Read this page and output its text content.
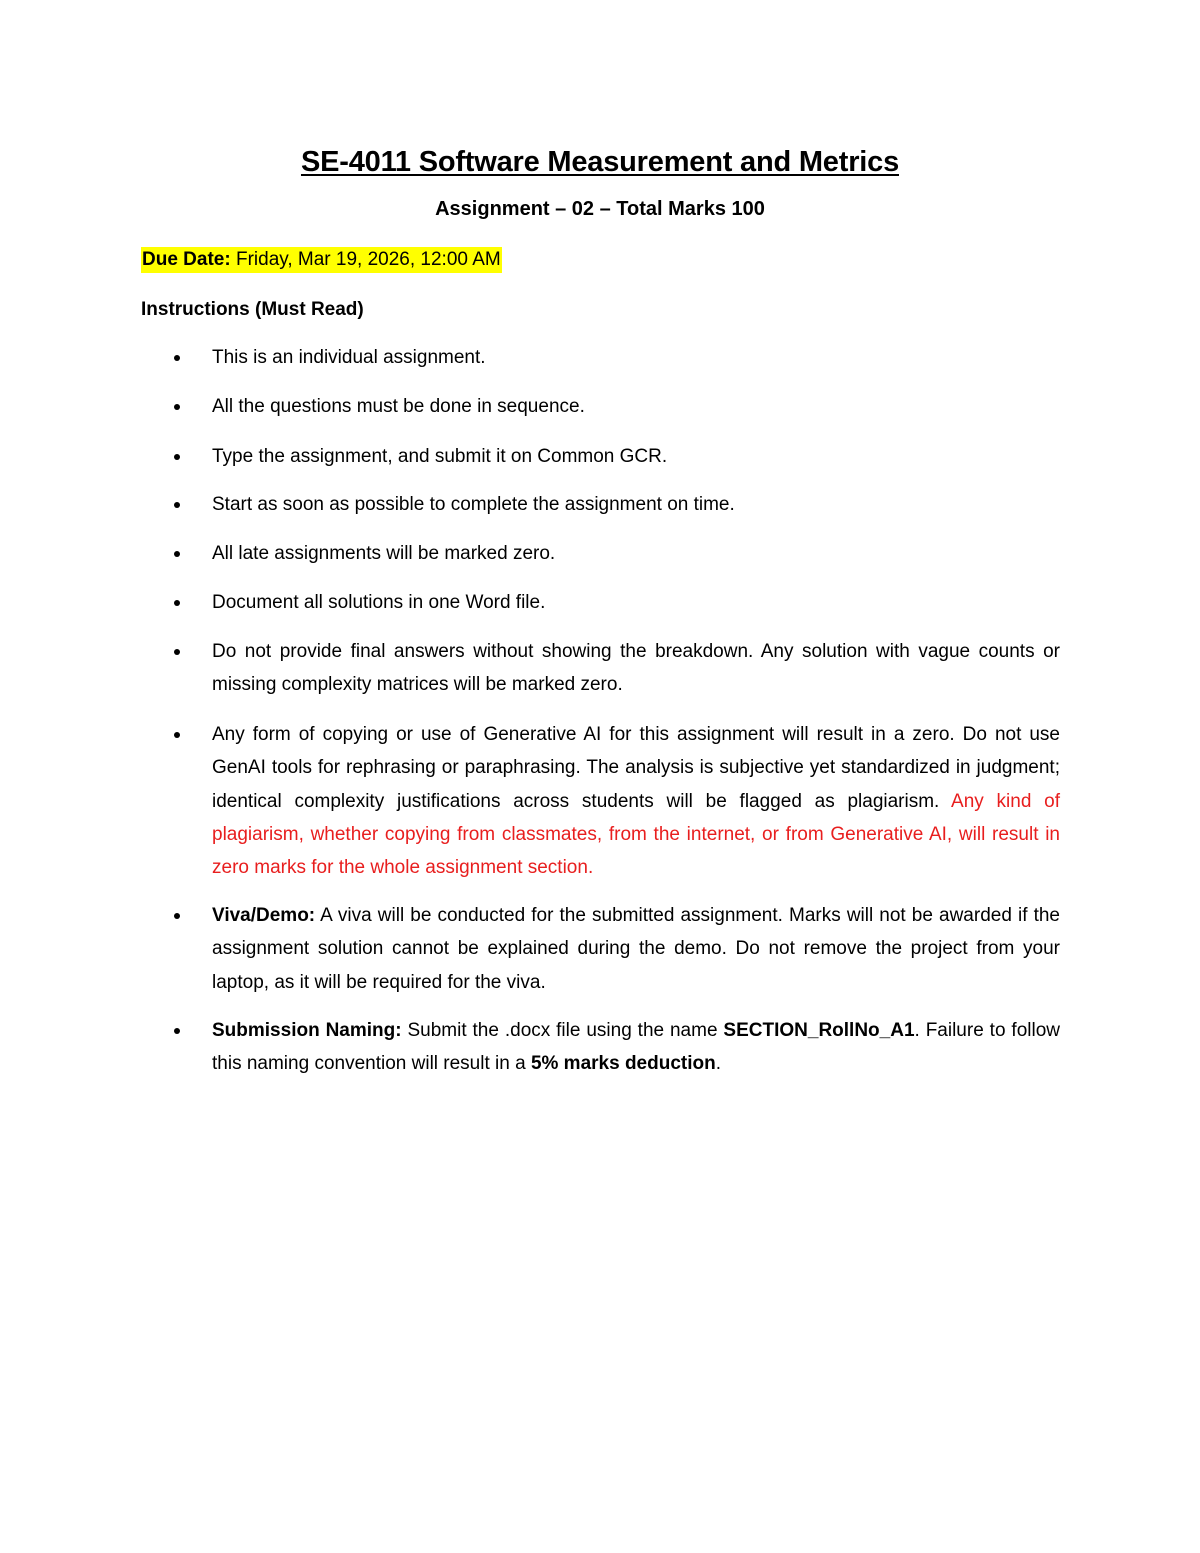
SE-4011 Software Measurement and Metrics
Assignment – 02 – Total Marks 100
Due Date: Friday, Mar 19, 2026, 12:00 AM
Instructions (Must Read)
This is an individual assignment.
All the questions must be done in sequence.
Type the assignment, and submit it on Common GCR.
Start as soon as possible to complete the assignment on time.
All late assignments will be marked zero.
Document all solutions in one Word file.
Do not provide final answers without showing the breakdown. Any solution with vague counts or missing complexity matrices will be marked zero.
Any form of copying or use of Generative AI for this assignment will result in a zero. Do not use GenAI tools for rephrasing or paraphrasing. The analysis is subjective yet standardized in judgment; identical complexity justifications across students will be flagged as plagiarism. Any kind of plagiarism, whether copying from classmates, from the internet, or from Generative AI, will result in zero marks for the whole assignment section.
Viva/Demo: A viva will be conducted for the submitted assignment. Marks will not be awarded if the assignment solution cannot be explained during the demo. Do not remove the project from your laptop, as it will be required for the viva.
Submission Naming: Submit the .docx file using the name SECTION_RollNo_A1. Failure to follow this naming convention will result in a 5% marks deduction.
